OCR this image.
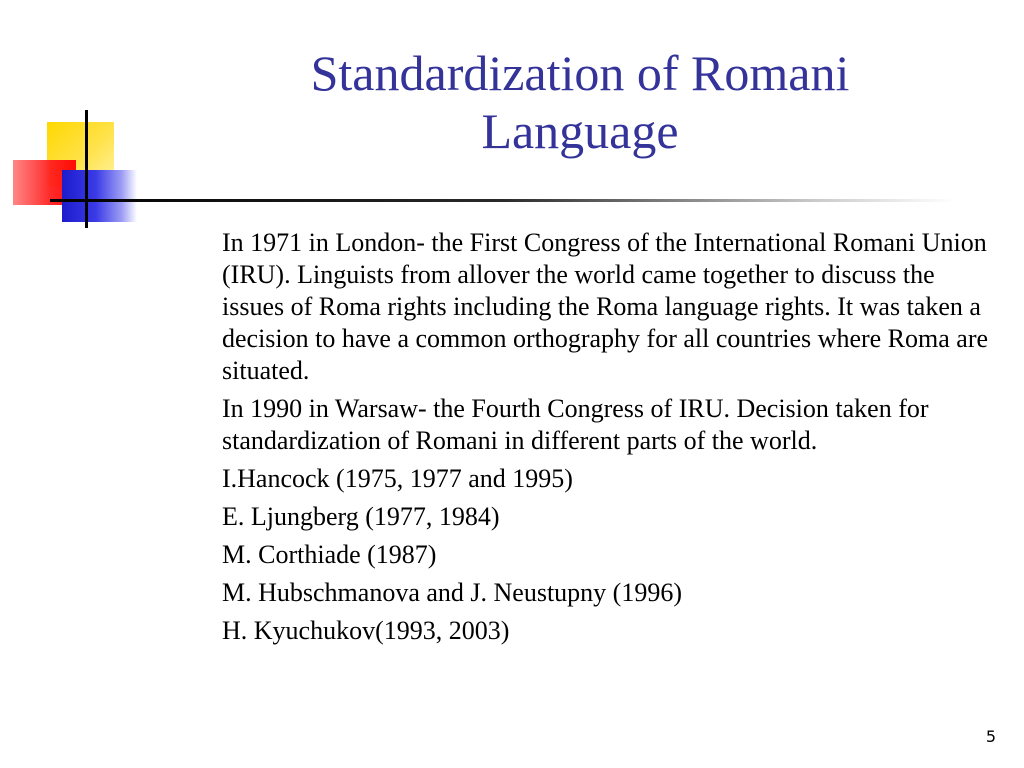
Standardization of Romani
Language
In 1971 in London- the First Congress of the International Romani Union (IRU). Linguists from allover the world came together to discuss the issues of Roma rights including the Roma language rights. It was taken a decision to have a common orthography for all countries where Roma are situated.
In 1990 in Warsaw- the Fourth Congress of IRU. Decision taken for standardization of Romani in different parts of the world.
I.Hancock (1975, 1977 and 1995)
E. Ljungberg (1977, 1984)
M. Corthiade (1987)
M. Hubschmanova and J. Neustupny (1996)
H. Kyuchukov(1993, 2003)
5
